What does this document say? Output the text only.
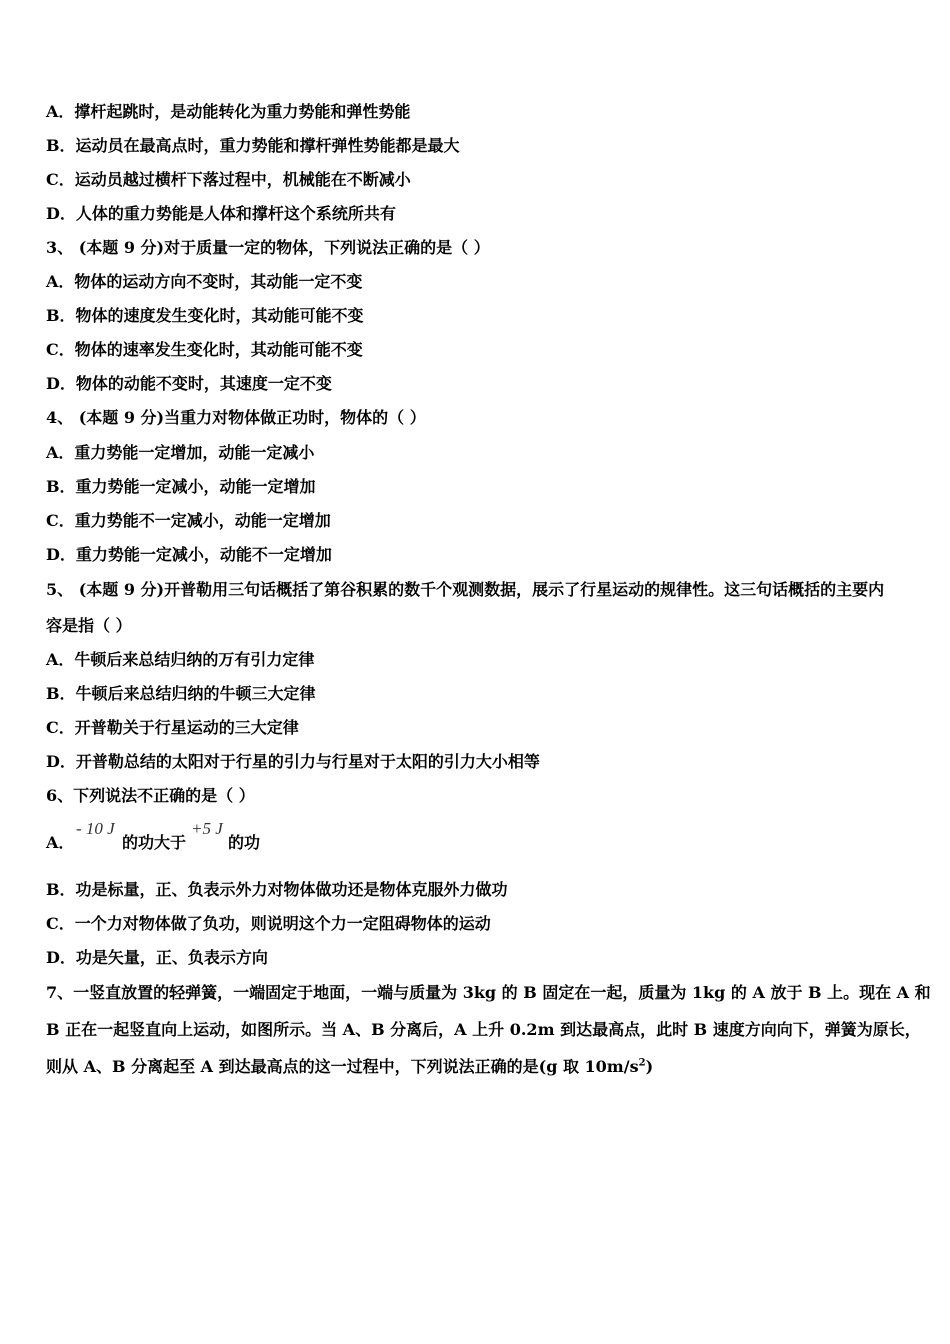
A．撑杆起跳时，是动能转化为重力势能和弹性势能
B．运动员在最高点时，重力势能和撑杆弹性势能都是最大
C．运动员越过横杆下落过程中，机械能在不断减小
D．人体的重力势能是人体和撑杆这个系统所共有
3、 (本题 9 分)对于质量一定的物体，下列说法正确的是（ ）
A．物体的运动方向不变时，其动能一定不变
B．物体的速度发生变化时，其动能可能不变
C．物体的速率发生变化时，其动能可能不变
D．物体的动能不变时，其速度一定不变
4、 (本题 9 分)当重力对物体做正功时，物体的（ ）
A．重力势能一定增加，动能一定减小
B．重力势能一定减小，动能一定增加
C．重力势能不一定减小，动能一定增加
D．重力势能一定减小，动能不一定增加
5、 (本题 9 分)开普勒用三句话概括了第谷积累的数千个观测数据，展示了行星运动的规律性。这三句话概括的主要内
容是指（ ）
A．牛顿后来总结归纳的万有引力定律
B．牛顿后来总结归纳的牛顿三大定律
C．开普勒关于行星运动的三大定律
D．开普勒总结的太阳对于行星的引力与行星对于太阳的引力大小相等
6、下列说法不正确的是（ ）
A．
- 10 J
的功大于
+5 J
的功
B．功是标量，正、负表示外力对物体做功还是物体克服外力做功
C．一个力对物体做了负功，则说明这个力一定阻碍物体的运动
D．功是矢量，正、负表示方向
7、一竖直放置的轻弹簧，一端固定于地面，一端与质量为 3kg 的 B 固定在一起，质量为 1kg 的 A 放于 B 上。现在 A 和
B 正在一起竖直向上运动，如图所示。当 A、B 分离后，A 上升 0.2m 到达最高点，此时 B 速度方向向下，弹簧为原长，
则从 A、B 分离起至 A 到达最高点的这一过程中，下列说法正确的是(g 取 $10m/s^2$)
